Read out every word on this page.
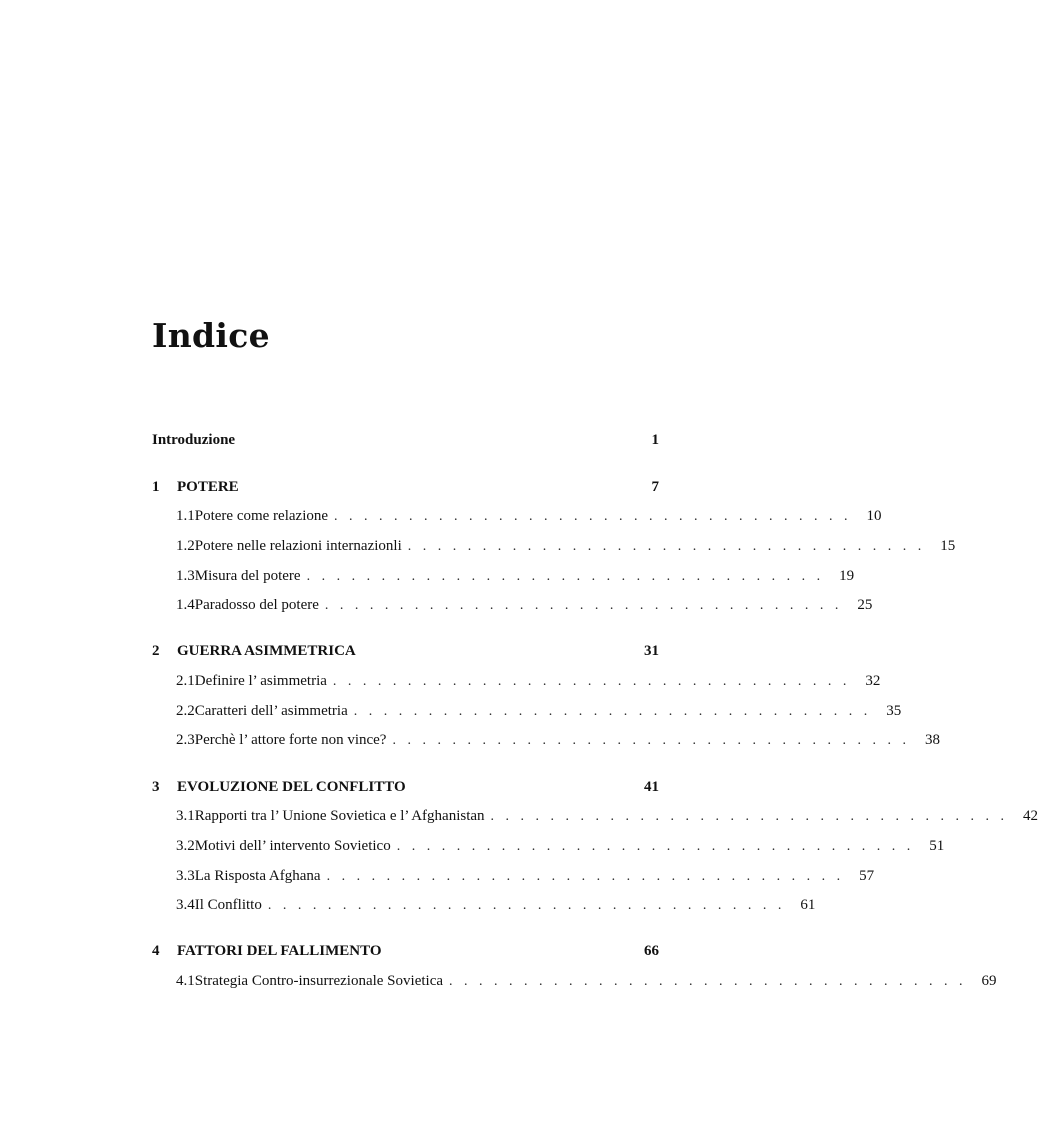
Indice
Introduzione	1
1	POTERE	7
1.1 Potere come relazione . . . . . . . . . . . . . . . . . . . . . . . . . . . . . . . . . . .	10
1.2 Potere nelle relazioni internazionli . . . . . . . . . . . . . . . . . . . . . . . . . . . . . . . . . . .	15
1.3 Misura del potere . . . . . . . . . . . . . . . . . . . . . . . . . . . . . . . . . . .	19
1.4 Paradosso del potere . . . . . . . . . . . . . . . . . . . . . . . . . . . . . . . . . . .	25
2	GUERRA ASIMMETRICA	31
2.1 Definire l’ asimmetria . . . . . . . . . . . . . . . . . . . . . . . . . . . . . . . . . . .	32
2.2 Caratteri dell’ asimmetria . . . . . . . . . . . . . . . . . . . . . . . . . . . . . . . . . . .	35
2.3 Perchè l’ attore forte non vince? . . . . . . . . . . . . . . . . . . . . . . . . . . . . . . . . . . .	38
3	EVOLUZIONE DEL CONFLITTO	41
3.1 Rapporti tra l’ Unione Sovietica e l’ Afghanistan . . . . . . . . . . . . . . . . . . . . . . . . . . . . . . . . . . .	42
3.2 Motivi dell’ intervento Sovietico . . . . . . . . . . . . . . . . . . . . . . . . . . . . . . . . . . .	51
3.3 La Risposta Afghana . . . . . . . . . . . . . . . . . . . . . . . . . . . . . . . . . . .	57
3.4 Il Conflitto . . . . . . . . . . . . . . . . . . . . . . . . . . . . . . . . . . .	61
4	FATTORI DEL FALLIMENTO	66
4.1 Strategia Contro-insurrezionale Sovietica . . . . . . . . . . . . . . . . . . . . . . . . . . . . . . . . . . .	69
